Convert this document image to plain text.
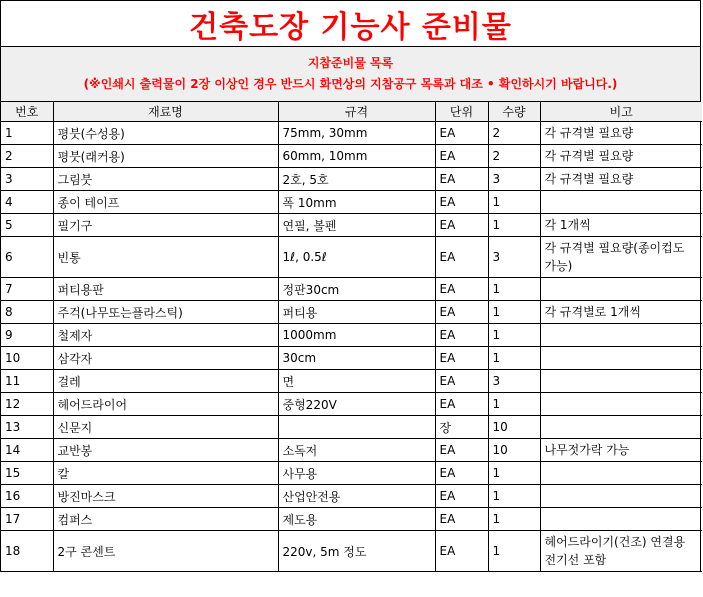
건축도장 기능사 준비물
지참준비물 목록
(※인쇄시 출력물이 2장 이상인 경우 반드시 화면상의 지참공구 목록과 대조 • 확인하시기 바랍니다.)
번호	재료명	규격	단위	수량	비고
1	평붓(수성용)	75mm, 30mm	EA	2	각 규격별 필요량
2	평붓(래커용)	60mm, 10mm	EA	2	각 규격별 필요량
3	그림붓	2호, 5호	EA	3	각 규격별 필요량
4	종이 테이프	폭 10mm	EA	1	
5	필기구	연필, 볼펜	EA	1	각 1개씩
6	빈통	1ℓ, 0.5ℓ	EA	3	각 규격별 필요량(종이컵도 가능)
7	퍼티용판	정판30cm	EA	1	
8	주걱(나무또는플라스틱)	퍼티용	EA	1	각 규격별로 1개씩
9	철제자	1000mm	EA	1	
10	삼각자	30cm	EA	1	
11	걸레	면	EA	3	
12	헤어드라이어	중형220V	EA	1	
13	신문지		장	10	
14	교반봉	소독저	EA	10	나무젓가락 가능
15	칼	사무용	EA	1	
16	방진마스크	산업안전용	EA	1	
17	컴퍼스	제도용	EA	1	
18	2구 콘센트	220v, 5m 정도	EA	1	헤어드라이기(건조) 연결용 전기선 포함
